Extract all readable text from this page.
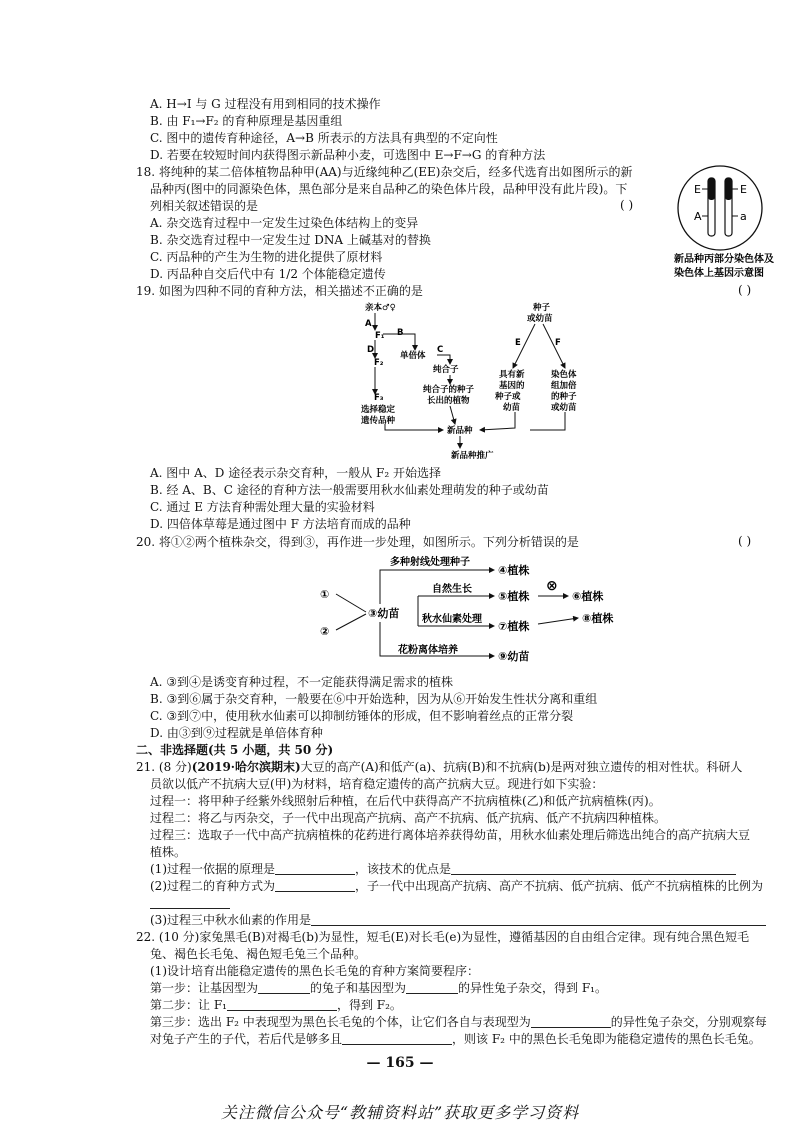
A. H→I 与 G 过程没有用到相同的技术操作
B. 由 F₁→F₂ 的育种原理是基因重组
C. 图中的遗传育种途径，A→B 所表示的方法具有典型的不定向性
D. 若要在较短时间内获得图示新品种小麦，可选图中 E→F→G 的育种方法
18. 将纯种的某二倍体植物品种甲(AA)与近缘纯种乙(EE)杂交后，经多代选育出如图所示的新
品种丙(图中的同源染色体，黑色部分是来自品种乙的染色体片段，品种甲没有此片段)。下
列相关叙述错误的是	( )
A. 杂交选育过程中一定发生过染色体结构上的变异
B. 杂交选育过程中一定发生过 DNA 上碱基对的替换
C. 丙品种的产生为生物的进化提供了原材料
D. 丙品种自交后代中有 1/2 个体能稳定遗传
E	E
A	a
新品种丙部分染色体及
染色体上基因示意图
19. 如图为四种不同的育种方法，相关描述不正确的是	( )
亲本♂♀
A
F₁ B
D
单倍体
C
F₂
纯合子
纯合子的种子
长出的植物
F₃
选择稳定
遗传品种
新品种
新品种推广
种子
或幼苗
E	F
具有新
基因的
种子或
幼苗
染色体
组加倍
的种子
或幼苗
A. 图中 A、D 途径表示杂交育种，一般从 F₂ 开始选择
B. 经 A、B、C 途径的育种方法一般需要用秋水仙素处理萌发的种子或幼苗
C. 通过 E 方法育种需处理大量的实验材料
D. 四倍体草莓是通过图中 F 方法培育而成的品种
20. 将①②两个植株杂交，得到③，再作进一步处理，如图所示。下列分析错误的是	( )
①
②
③幼苗
多种射线处理种子
④植株
自然生长
⑤植株
⊗
⑥植株
秋水仙素处理
⑦植株
⑧植株
花粉离体培养	⑨幼苗
A. ③到④是诱变育种过程，不一定能获得满足需求的植株
B. ③到⑥属于杂交育种，一般要在⑥中开始选种，因为从⑥开始发生性状分离和重组
C. ③到⑦中，使用秋水仙素可以抑制纺锤体的形成，但不影响着丝点的正常分裂
D. 由③到⑨过程就是单倍体育种
二、非选择题(共 5 小题，共 50 分)
21. (8 分)(2019·哈尔滨期末)大豆的高产(A)和低产(a)、抗病(B)和不抗病(b)是两对独立遗传的相对性状。科研人
员欲以低产不抗病大豆(甲)为材料，培育稳定遗传的高产抗病大豆。现进行如下实验：
过程一：将甲种子经紫外线照射后种植，在后代中获得高产不抗病植株(乙)和低产抗病植株(丙)。
过程二：将乙与丙杂交，子一代中出现高产抗病、高产不抗病、低产抗病、低产不抗病四种植株。
过程三：选取子一代中高产抗病植株的花药进行离体培养获得幼苗，用秋水仙素处理后筛选出纯合的高产抗病大豆
植株。
(1)过程一依据的原理是	，该技术的优点是
(2)过程二的育种方式为	，子一代中出现高产抗病、高产不抗病、低产抗病、低产不抗病植株的比例为
(3)过程三中秋水仙素的作用是
22. (10 分)家兔黑毛(B)对褐毛(b)为显性，短毛(E)对长毛(e)为显性，遵循基因的自由组合定律。现有纯合黑色短毛
兔、褐色长毛兔、褐色短毛兔三个品种。
(1)设计培育出能稳定遗传的黑色长毛兔的育种方案简要程序：
第一步：让基因型为	的兔子和基因型为	的异性兔子杂交，得到 F₁。
第二步：让 F₁	，得到 F₂。
第三步：选出 F₂ 中表现型为黑色长毛兔的个体，让它们各自与表现型为	的异性兔子杂交，分别观察每
对兔子产生的子代，若后代是够多且	，则该 F₂ 中的黑色长毛兔即为能稳定遗传的黑色长毛兔。
— 165 —
关注微信公众号“教辅资料站”获取更多学习资料
